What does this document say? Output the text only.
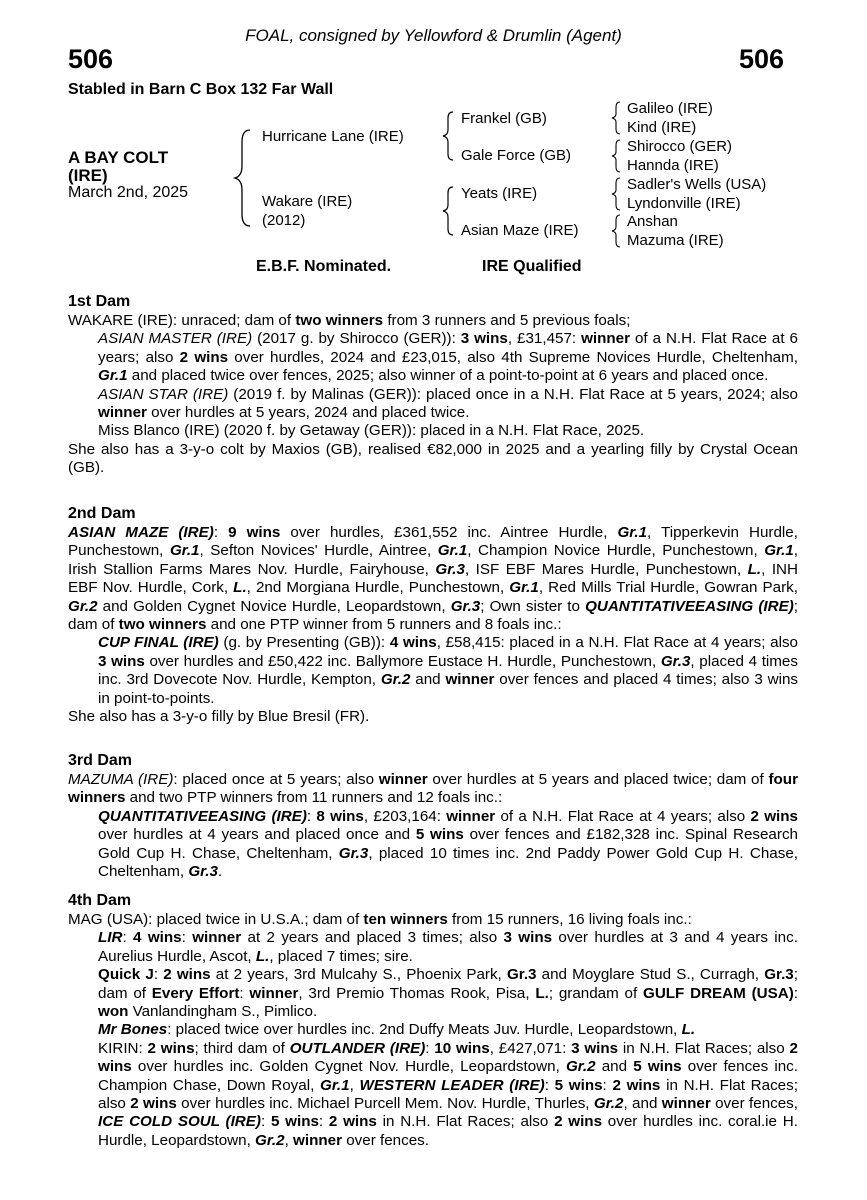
FOAL, consigned by Yellowford & Drumlin (Agent)
506	506
Stabled in Barn C Box 132 Far Wall
A BAY COLT
(IRE)
March 2nd, 2025
Hurricane Lane (IRE)
Wakare (IRE)
(2012)
Frankel (GB)
Gale Force (GB)
Yeats (IRE)
Asian Maze (IRE)
Galileo (IRE)
Kind (IRE)
Shirocco (GER)
Hannda (IRE)
Sadler's Wells (USA)
Lyndonville (IRE)
Anshan
Mazuma (IRE)
E.B.F. Nominated.	IRE Qualified
1st Dam

WAKARE (IRE): unraced; dam of two winners from 3 runners and 5 previous foals;

ASIAN MASTER (IRE) (2017 g. by Shirocco (GER)): 3 wins, £31,457: winner of a N.H. Flat Race at 6 years; also 2 wins over hurdles, 2024 and £23,015, also 4th Supreme Novices Hurdle, Cheltenham, Gr.1 and placed twice over fences, 2025; also winner of a point-to-point at 6 years and placed once.

ASIAN STAR (IRE) (2019 f. by Malinas (GER)): placed once in a N.H. Flat Race at 5 years, 2024; also winner over hurdles at 5 years, 2024 and placed twice.

Miss Blanco (IRE) (2020 f. by Getaway (GER)): placed in a N.H. Flat Race, 2025.

She also has a 3-y-o colt by Maxios (GB), realised €82,000 in 2025 and a yearling filly by Crystal Ocean (GB).

2nd Dam

ASIAN MAZE (IRE): 9 wins over hurdles, £361,552 inc. Aintree Hurdle, Gr.1, Tipperkevin Hurdle, Punchestown, Gr.1, Sefton Novices' Hurdle, Aintree, Gr.1, Champion Novice Hurdle, Punchestown, Gr.1, Irish Stallion Farms Mares Nov. Hurdle, Fairyhouse, Gr.3, ISF EBF Mares Hurdle, Punchestown, L., INH EBF Nov. Hurdle, Cork, L., 2nd Morgiana Hurdle, Punchestown, Gr.1, Red Mills Trial Hurdle, Gowran Park, Gr.2 and Golden Cygnet Novice Hurdle, Leopardstown, Gr.3; Own sister to QUANTITATIVEEASING (IRE); dam of two winners and one PTP winner from 5 runners and 8 foals inc.:

CUP FINAL (IRE) (g. by Presenting (GB)): 4 wins, £58,415: placed in a N.H. Flat Race at 4 years; also 3 wins over hurdles and £50,422 inc. Ballymore Eustace H. Hurdle, Punchestown, Gr.3, placed 4 times inc. 3rd Dovecote Nov. Hurdle, Kempton, Gr.2 and winner over fences and placed 4 times; also 3 wins in point-to-points.

She also has a 3-y-o filly by Blue Bresil (FR).

3rd Dam

MAZUMA (IRE): placed once at 5 years; also winner over hurdles at 5 years and placed twice; dam of four winners and two PTP winners from 11 runners and 12 foals inc.:

QUANTITATIVEEASING (IRE): 8 wins, £203,164: winner of a N.H. Flat Race at 4 years; also 2 wins over hurdles at 4 years and placed once and 5 wins over fences and £182,328 inc. Spinal Research Gold Cup H. Chase, Cheltenham, Gr.3, placed 10 times inc. 2nd Paddy Power Gold Cup H. Chase, Cheltenham, Gr.3.

4th Dam

MAG (USA): placed twice in U.S.A.; dam of ten winners from 15 runners, 16 living foals inc.:

LIR: 4 wins: winner at 2 years and placed 3 times; also 3 wins over hurdles at 3 and 4 years inc. Aurelius Hurdle, Ascot, L., placed 7 times; sire.

Quick J: 2 wins at 2 years, 3rd Mulcahy S., Phoenix Park, Gr.3 and Moyglare Stud S., Curragh, Gr.3; dam of Every Effort: winner, 3rd Premio Thomas Rook, Pisa, L.; grandam of GULF DREAM (USA): won Vanlandingham S., Pimlico.

Mr Bones: placed twice over hurdles inc. 2nd Duffy Meats Juv. Hurdle, Leopardstown, L.

KIRIN: 2 wins; third dam of OUTLANDER (IRE): 10 wins, £427,071: 3 wins in N.H. Flat Races; also 2 wins over hurdles inc. Golden Cygnet Nov. Hurdle, Leopardstown, Gr.2 and 5 wins over fences inc. Champion Chase, Down Royal, Gr.1, WESTERN LEADER (IRE): 5 wins: 2 wins in N.H. Flat Races; also 2 wins over hurdles inc. Michael Purcell Mem. Nov. Hurdle, Thurles, Gr.2, and winner over fences, ICE COLD SOUL (IRE): 5 wins: 2 wins in N.H. Flat Races; also 2 wins over hurdles inc. coral.ie H. Hurdle, Leopardstown, Gr.2, winner over fences.
